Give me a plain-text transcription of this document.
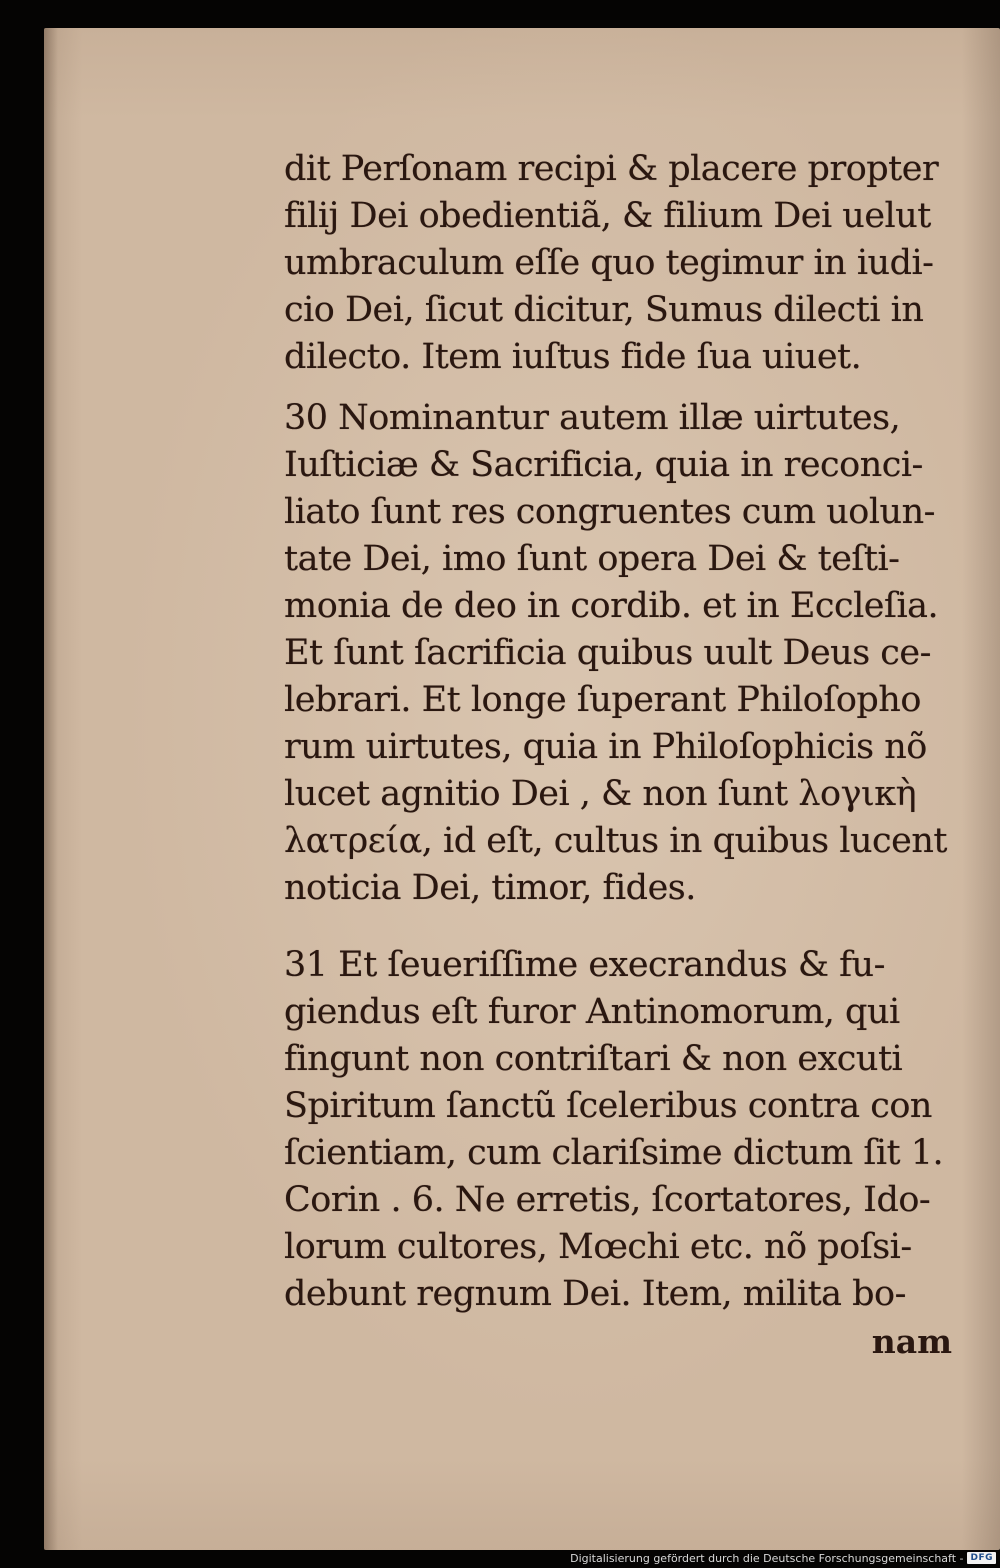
dit Perſonam recipi & placere propter
filij Dei obedientiã, & filium Dei uelut
umbraculum eſſe quo tegimur in iudi-
cio Dei, ſicut dicitur, Sumus dilecti in
dilecto. Item iuſtus fide ſua uiuet.
30 Nominantur autem illæ uirtutes,
Iuſticiæ & Sacrificia, quia in reconci-
liato ſunt res congruentes cum uolun-
tate Dei, imo ſunt opera Dei & teſti-
monia de deo in cordib. et in Eccleſia.
Et ſunt ſacrificia quibus uult Deus ce-
lebrari. Et longe ſuperant Philoſopho
rum uirtutes, quia in Philoſophicis nõ
lucet agnitio Dei , & non ſunt λογικὴ
λατρεία, id eſt, cultus in quibus lucent
noticia Dei, timor, fides.
31 Et ſeueriſſime execrandus & fu-
giendus eſt furor Antinomorum, qui
fingunt non contriſtari & non excuti
Spiritum ſanctũ ſceleribus contra con
ſcientiam, cum clariſsime dictum ſit 1.
Corin . 6. Ne erretis, ſcortatores, Ido-
lorum cultores, Mœchi etc. nõ poſsi-
debunt regnum Dei. Item, milita bo-
nam
Digitalisierung gefördert durch die Deutsche Forschungsgemeinschaft - DFG
